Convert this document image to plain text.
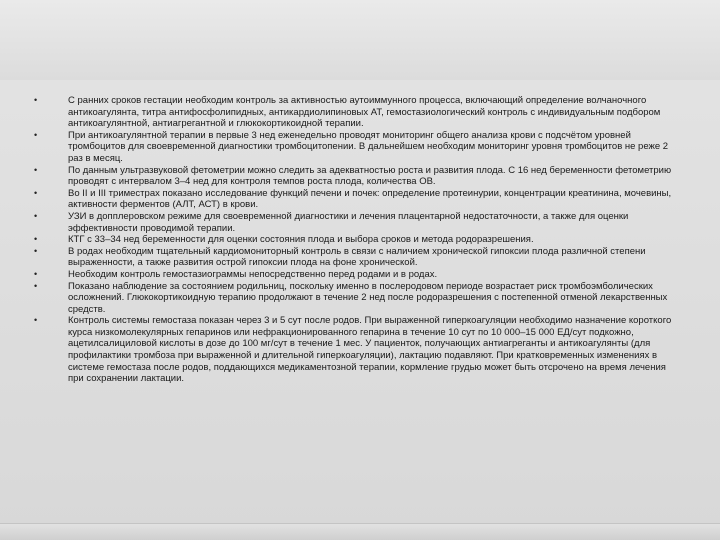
•	С ранних сроков гестации необходим контроль за активностью аутоиммунного процесса, включающий определение волчаночного антикоагулянта, титра антифосфолипидных, антикардиолипиновых АТ, гемостазиологический контроль с индивидуальным подбором антикоагулянтной, антиагрегантной и глюкокортикоидной терапии.
•	При антикоагулянтной терапии в первые 3 нед еженедельно проводят мониторинг общего анализа крови с подсчётом уровней тромбоцитов для своевременной диагностики тромбоцитопении. В дальнейшем необходим мониторинг уровня тромбоцитов не реже 2 раз в месяц.
•	По данным ультразвуковой фетометрии можно следить за адекватностью роста и развития плода. С 16 нед беременности фетометрию проводят с интервалом 3–4 нед для контроля темпов роста плода, количества ОВ.
•	Во II и III триместрах показано исследование функций печени и почек: определение протеинурии, концентрации креатинина, мочевины, активности ферментов (АЛТ, АСТ) в крови.
•	УЗИ в допплеровском режиме для своевременной диагностики и лечения плацентарной недостаточности, а также для оценки эффективности проводимой терапии.
•	КТГ с 33–34 нед беременности для оценки состояния плода и выбора сроков и метода родоразрешения.
•	В родах необходим тщательный кардиомониторный контроль в связи с наличием хронической гипоксии плода различной степени выраженности, а также развития острой гипоксии плода на фоне хронической.
•	Необходим контроль гемостазиограммы непосредственно перед родами и в родах.
•	Показано наблюдение за состоянием родильниц, поскольку именно в послеродовом периоде возрастает риск тромбоэмболических осложнений. Глюкокортикоидную терапию продолжают в течение 2 нед после родоразрешения с постепенной отменой лекарственных средств.
•	Контроль системы гемостаза показан через 3 и 5 сут после родов. При выраженной гиперкоагуляции необходимо назначение короткого курса низкомолекулярных гепаринов или нефракционированного гепарина в течение 10 сут по 10 000–15 000 ЕД/сут подкожно, ацетилсалициловой кислоты в дозе до 100 мг/сут в течение 1 мес. У пациенток, получающих антиагреганты и антикоагулянты (для профилактики тромбоза при выраженной и длительной гиперкоагуляции), лактацию подавляют. При кратковременных изменениях в системе гемостаза после родов, поддающихся медикаментозной терапии, кормление грудью может быть отсрочено на время лечения при сохранении лактации.
